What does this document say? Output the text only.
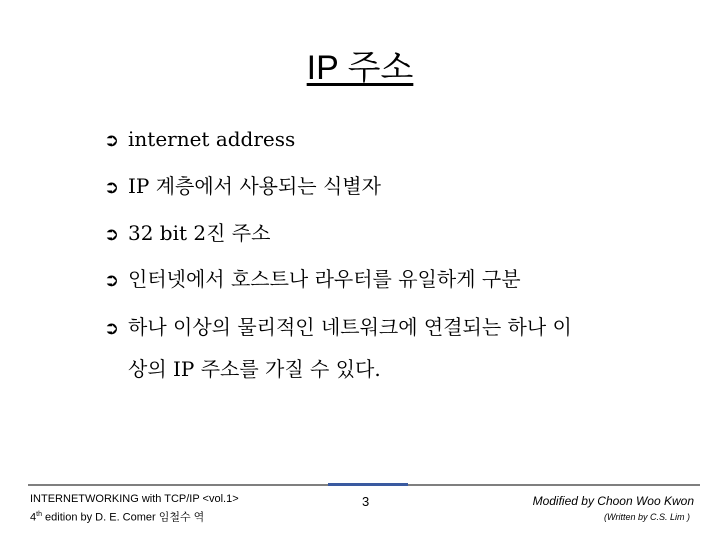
IP 주소
➲ internet address
➲ IP 계층에서 사용되는 식별자
➲ 32 bit 2진 주소
➲ 인터넷에서 호스트나 라우터를 유일하게 구분
➲ 하나 이상의 물리적인 네트워크에 연결되는 하나 이
상의 IP 주소를 가질 수 있다.
INTERNETWORKING with TCP/IP <vol.1>
4th edition by D. E. Comer 임철수 역
3	Modified by Choon Woo Kwon
(Written by C.S. Lim )
